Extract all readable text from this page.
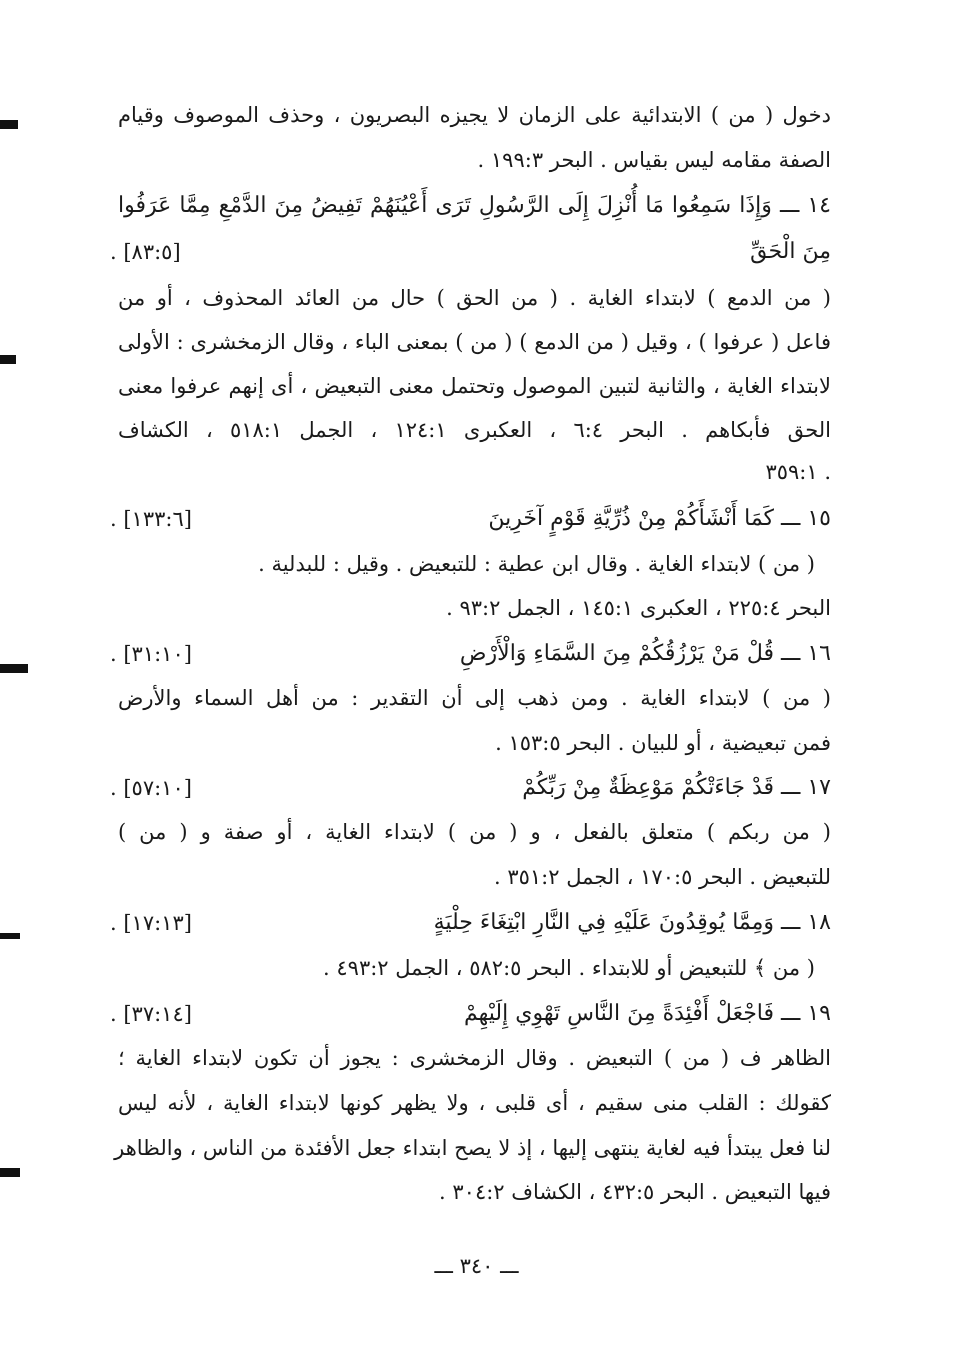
دخول ( من ) الابتدائية على الزمان لا يجيزه البصريون ، وحذف الموصوف وقيام
الصفة مقامه ليس بقياس . البحر ١٩٩:٣ .
١٤ ـــ وَإِذَا سَمِعُوا مَا أُنْزِلَ إِلَى الرَّسُولِ تَرَى أَعْيُنَهُمْ تَفِيضُ مِنَ الدَّمْعِ مِمَّا عَرَفُوا
مِنَ الْحَقِّ
. [٨٣:٥]
( من الدمع ) لابتداء الغاية . ( من الحق ) حال من العائد المحذوف ، أو من
فاعل ( عرفوا ) ، وقيل ( من الدمع ) ( من ) بمعنى الباء ، وقال الزمخشرى : الأولى
لابتداء الغاية ، والثانية لتبين الموصول وتحتمل معنى التبعيض ، أى إنهم عرفوا معنى
الحق فأبكاهم . البحر ٦:٤ ، العكبرى ١٢٤:١ ، الجمل ٥١٨:١ ، الكشاف
٣٥٩:١ .
١٥ ـــ كَمَا أَنْشَأَكُمْ مِنْ ذُرِّيَّةِ قَوْمٍ آخَرِينَ
. [١٣٣:٦]
( من ) لابتداء الغاية . وقال ابن عطية : للتبعيض . وقيل : للبدلية .
البحر ٢٢٥:٤ ، العكبرى ١٤٥:١ ، الجمل ٩٣:٢ .
١٦ ـــ قُلْ مَنْ يَرْزُقُكُمْ مِنَ السَّمَاءِ وَالْأَرْضِ
. [٣١:١٠]
( من ) لابتداء الغاية . ومن ذهب إلى أن التقدير : من أهل السماء والأرض
فمن تبعيضية ، أو للبيان . البحر ١٥٣:٥ .
١٧ ـــ قَدْ جَاءَتْكُمْ مَوْعِظَةٌ مِنْ رَبِّكُمْ
. [٥٧:١٠]
( من ربكم ) متعلق بالفعل ، و ( من ) لابتداء الغاية ، أو صفة و ( من )
للتبعيض . البحر ١٧٠:٥ ، الجمل ٣٥١:٢ .
١٨ ـــ وَمِمَّا يُوقِدُونَ عَلَيْهِ فِي النَّارِ ابْتِغَاءَ حِلْيَةٍ
. [١٧:١٣]
( من ﴾ للتبعيض أو للابتداء . البحر ٥٨٢:٥ ، الجمل ٤٩٣:٢ .
١٩ ـــ فَاجْعَلْ أَفْئِدَةً مِنَ النَّاسِ تَهْوِي إِلَيْهِمْ
. [٣٧:١٤]
الظاهر ف ( من ) التبعيض . وقال الزمخشرى : يجوز أن تكون لابتداء الغاية ؛
كقولك : القلب منى سقيم ، أى قلبى ، ولا يظهر كونها لابتداء الغاية ، لأنه ليس
لنا فعل يبتدأ فيه لغاية ينتهى إليها ، إذ لا يصح ابتداء جعل الأفئدة من الناس ، والظاهر
فيها التبعيض . البحر ٤٣٢:٥ ، الكشاف ٣٠٤:٢ .
ـــ ٣٤٠ ـــ
